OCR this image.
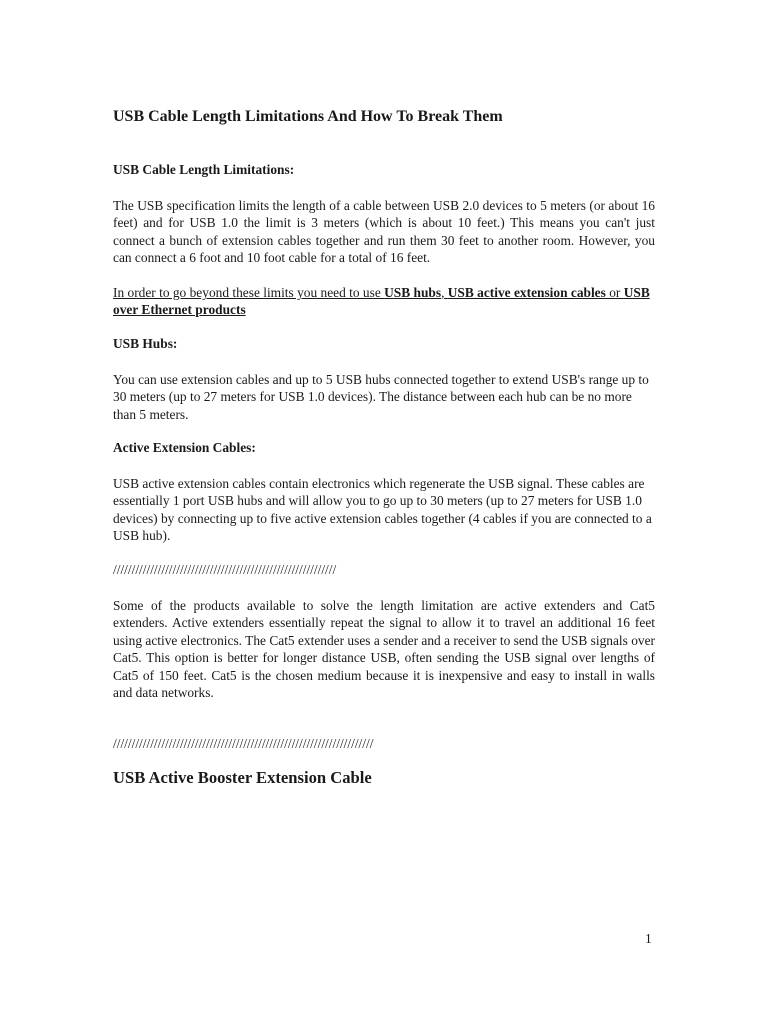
USB Cable Length Limitations And How To Break Them
USB Cable Length Limitations:

The USB specification limits the length of a cable between USB 2.0 devices to 5 meters (or about 16 feet) and for USB 1.0 the limit is 3 meters (which is about 10 feet.) This means you can't just connect a bunch of extension cables together and run them 30 feet to another room. However, you can connect a 6 foot and 10 foot cable for a total of 16 feet.

In order to go beyond these limits you need to use USB hubs, USB active extension cables or USB over Ethernet products

USB Hubs:

You can use extension cables and up to 5 USB hubs connected together to extend USB's range up to 30 meters (up to 27 meters for USB 1.0 devices). The distance between each hub can be no more than 5 meters.

Active Extension Cables:

USB active extension cables contain electronics which regenerate the USB signal. These cables are essentially 1 port USB hubs and will allow you to go up to 30 meters (up to 27 meters for USB 1.0 devices) by connecting up to five active extension cables together (4 cables if you are connected to a USB hub).

////////////////////////////////////////////////////////////

Some of the products available to solve the length limitation are active extenders and Cat5 extenders. Active extenders essentially repeat the signal to allow it to travel an additional 16 feet using active electronics. The Cat5 extender uses a sender and a receiver to send the USB signals over Cat5. This option is better for longer distance USB, often sending the USB signal over lengths of Cat5 of 150 feet. Cat5 is the chosen medium because it is inexpensive and easy to install in walls and data networks.

//////////////////////////////////////////////////////////////////////
USB Active Booster Extension Cable
1
